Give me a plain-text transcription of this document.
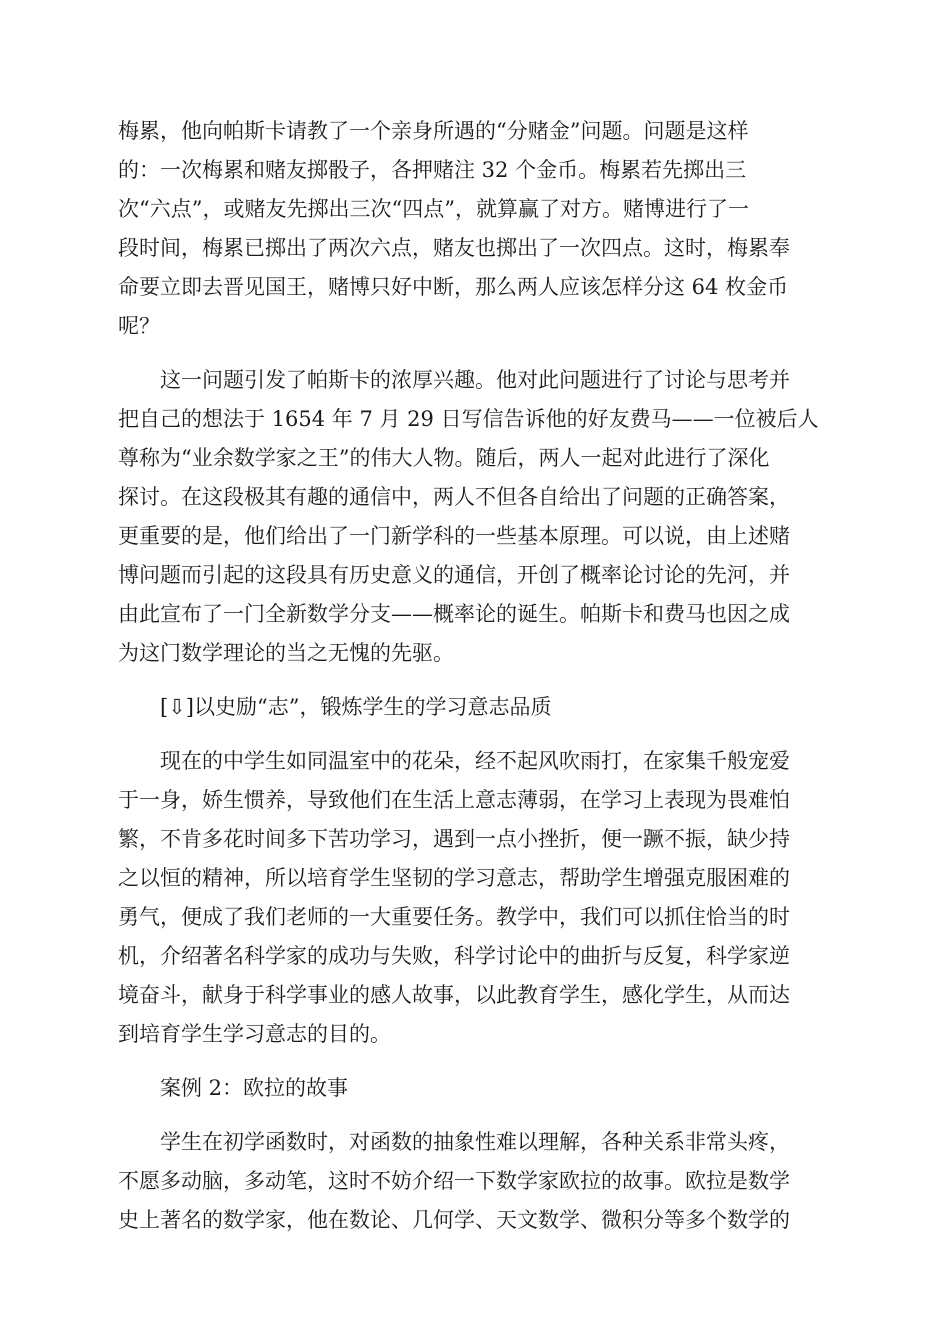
梅累，他向帕斯卡请教了一个亲身所遇的“分赌金”问题。问题是这样
的：一次梅累和赌友掷骰子，各押赌注 32 个金币。梅累若先掷出三
次“六点”，或赌友先掷出三次“四点”，就算赢了对方。赌博进行了一
段时间，梅累已掷出了两次六点，赌友也掷出了一次四点。这时，梅累奉
命要立即去晋见国王，赌博只好中断，那么两人应该怎样分这 64 枚金币
呢？
这一问题引发了帕斯卡的浓厚兴趣。他对此问题进行了讨论与思考并
把自己的想法于 1654 年 7 月 29 日写信告诉他的好友费马——一位被后人
尊称为“业余数学家之王”的伟大人物。随后，两人一起对此进行了深化
探讨。在这段极其有趣的通信中，两人不但各自给出了问题的正确答案，
更重要的是，他们给出了一门新学科的一些基本原理。可以说，由上述赌
博问题而引起的这段具有历史意义的通信，开创了概率论讨论的先河，并
由此宣布了一门全新数学分支——概率论的诞生。帕斯卡和费马也因之成
为这门数学理论的当之无愧的先驱。
[⇩]以史励“志”，锻炼学生的学习意志品质
现在的中学生如同温室中的花朵，经不起风吹雨打，在家集千般宠爱
于一身，娇生惯养，导致他们在生活上意志薄弱，在学习上表现为畏难怕
繁，不肯多花时间多下苦功学习，遇到一点小挫折，便一蹶不振，缺少持
之以恒的精神，所以培育学生坚韧的学习意志，帮助学生增强克服困难的
勇气，便成了我们老师的一大重要任务。教学中，我们可以抓住恰当的时
机，介绍著名科学家的成功与失败，科学讨论中的曲折与反复，科学家逆
境奋斗，献身于科学事业的感人故事，以此教育学生，感化学生，从而达
到培育学生学习意志的目的。
案例 2：欧拉的故事
学生在初学函数时，对函数的抽象性难以理解，各种关系非常头疼，
不愿多动脑，多动笔，这时不妨介绍一下数学家欧拉的故事。欧拉是数学
史上著名的数学家，他在数论、几何学、天文数学、微积分等多个数学的
